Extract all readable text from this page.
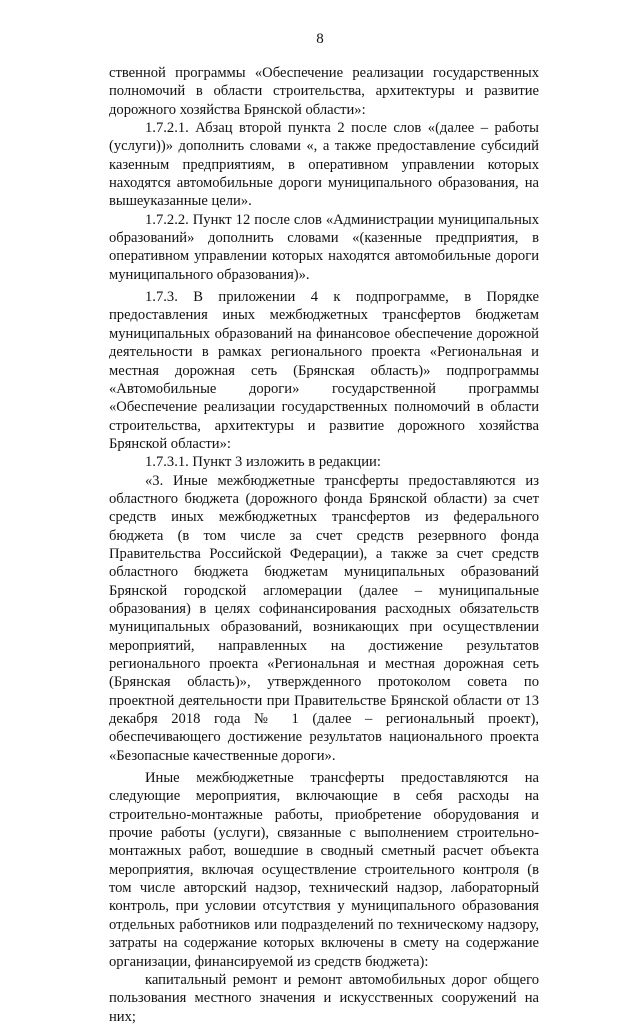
8

ственной программы «Обеспечение реализации государственных полномочий в области строительства, архитектуры и развитие дорожного хозяйства Брянской области»:

1.7.2.1. Абзац второй пункта 2 после слов «(далее – работы (услуги))» дополнить словами «, а также предоставление субсидий казенным предприятиям, в оперативном управлении которых находятся автомобильные дороги муниципального образования, на вышеуказанные цели».

1.7.2.2. Пункт 12 после слов «Администрации муниципальных образований» дополнить словами «(казенные предприятия, в оперативном управлении которых находятся автомобильные дороги муниципального образования)».

1.7.3. В приложении 4 к подпрограмме, в Порядке предоставления иных межбюджетных трансфертов бюджетам муниципальных образований на финансовое обеспечение дорожной деятельности в рамках регионального проекта «Региональная и местная дорожная сеть (Брянская область)» подпрограммы «Автомобильные дороги» государственной программы «Обеспечение реализации государственных полномочий в области строительства, архитектуры и развитие дорожного хозяйства Брянской области»:

1.7.3.1. Пункт 3 изложить в редакции:

«3. Иные межбюджетные трансферты предоставляются из областного бюджета (дорожного фонда Брянской области) за счет средств иных межбюджетных трансфертов из федерального бюджета (в том числе за счет средств резервного фонда Правительства Российской Федерации), а также за счет средств областного бюджета бюджетам муниципальных образований Брянской городской агломерации (далее – муниципальные образования) в целях софинансирования расходных обязательств муниципальных образований, возникающих при осуществлении мероприятий, направленных на достижение результатов регионального проекта «Региональная и местная дорожная сеть (Брянская область)», утвержденного протоколом совета по проектной деятельности при Правительстве Брянской области от 13 декабря 2018 года № 1 (далее – региональный проект), обеспечивающего достижение результатов национального проекта «Безопасные качественные дороги».

Иные межбюджетные трансферты предоставляются на следующие мероприятия, включающие в себя расходы на строительно-монтажные работы, приобретение оборудования и прочие работы (услуги), связанные с выполнением строительно-монтажных работ, вошедшие в сводный сметный расчет объекта мероприятия, включая осуществление строительного контроля (в том числе авторский надзор, технический надзор, лабораторный контроль, при условии отсутствия у муниципального образования отдельных работников или подразделений по техническому надзору, затраты на содержание которых включены в смету на содержание организации, финансируемой из средств бюджета):

капитальный ремонт и ремонт автомобильных дорог общего пользования местного значения и искусственных сооружений на них;
